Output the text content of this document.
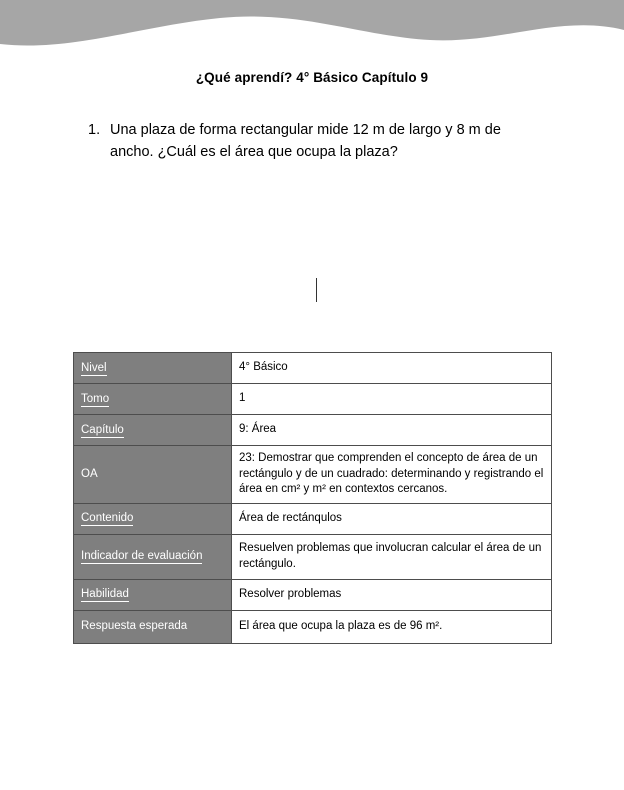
¿Qué aprendí? 4° Básico Capítulo 9
1. Una plaza de forma rectangular mide 12 m de largo y 8 m de ancho. ¿Cuál es el área que ocupa la plaza?
Nivel	4° Básico
Tomo	1
Capítulo	9: Área
OA	23: Demostrar que comprenden el concepto de área de un rectángulo y de un cuadrado: determinando y registrando el área en cm² y m² en contextos cercanos.
Contenido	Área de rectánqulos
Indicador de evaluación	Resuelven problemas que involucran calcular el área de un rectángulo.
Habilidad	Resolver problemas
Respuesta esperada	El área que ocupa la plaza es de 96 m².
